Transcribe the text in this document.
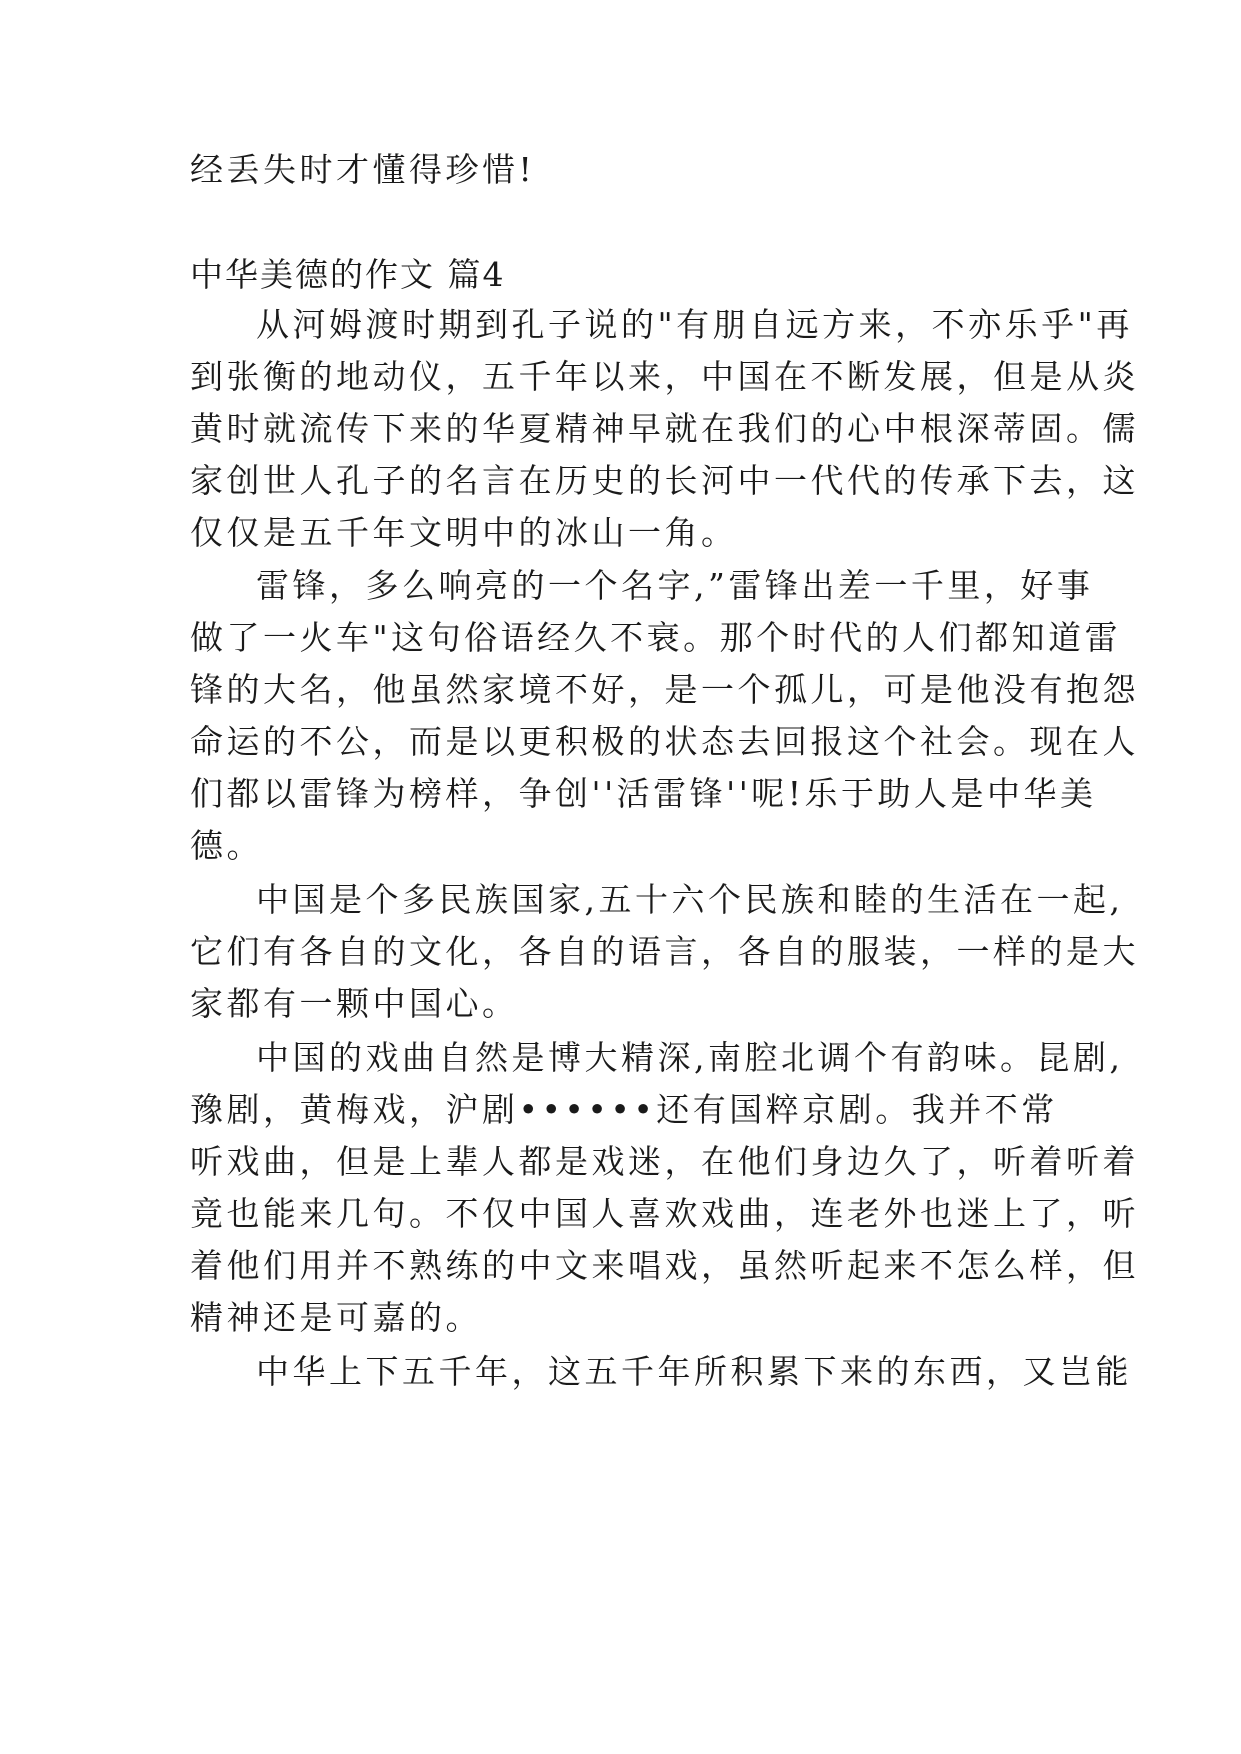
经丢失时才懂得珍惜!
中华美德的作文 篇4
从河姆渡时期到孔子说的"有朋自远方来，不亦乐乎"再
到张衡的地动仪，五千年以来，中国在不断发展，但是从炎
黄时就流传下来的华夏精神早就在我们的心中根深蒂固。儒
家创世人孔子的名言在历史的长河中一代代的传承下去，这
仅仅是五千年文明中的冰山一角。
雷锋，多么响亮的一个名字,”雷锋出差一千里，好事
做了一火车"这句俗语经久不衰。那个时代的人们都知道雷
锋的大名，他虽然家境不好，是一个孤儿，可是他没有抱怨
命运的不公，而是以更积极的状态去回报这个社会。现在人
们都以雷锋为榜样，争创''活雷锋''呢!乐于助人是中华美
德。
中国是个多民族国家,五十六个民族和睦的生活在一起,
它们有各自的文化，各自的语言，各自的服装，一样的是大
家都有一颗中国心。
中国的戏曲自然是博大精深,南腔北调个有韵味。昆剧,
豫剧，黄梅戏，沪剧••••••还有国粹京剧。我并不常
听戏曲，但是上辈人都是戏迷，在他们身边久了，听着听着
竟也能来几句。不仅中国人喜欢戏曲，连老外也迷上了，听
着他们用并不熟练的中文来唱戏，虽然听起来不怎么样，但
精神还是可嘉的。
中华上下五千年，这五千年所积累下来的东西，又岂能
